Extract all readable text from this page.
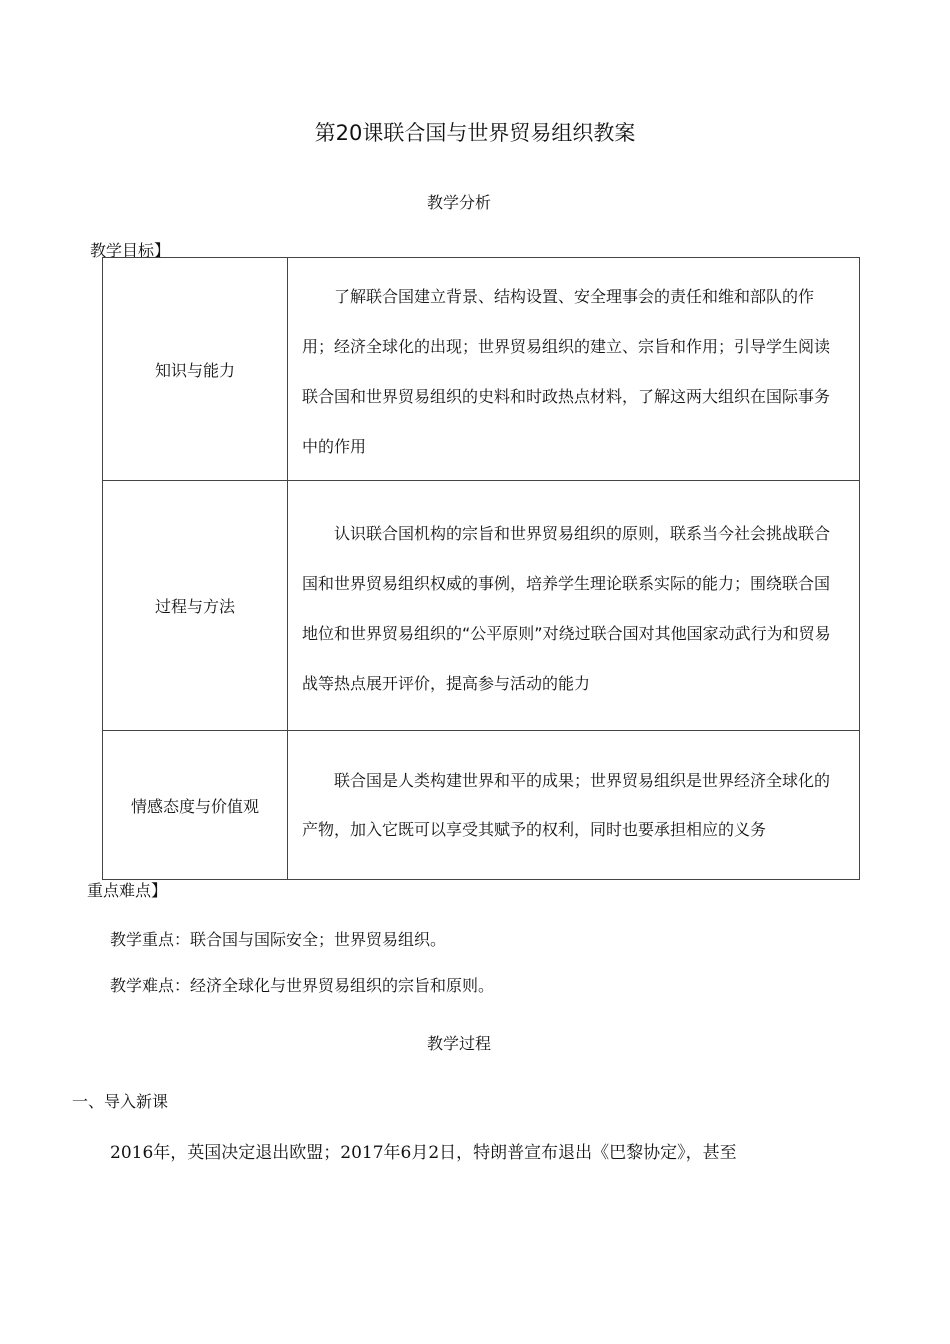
第20课联合国与世界贸易组织教案
教学分析
教学目标】
知识与能力	了解联合国建立背景、结构设置、安全理事会的责任和维和部队的作用；经济全球化的出现；世界贸易组织的建立、宗旨和作用；引导学生阅读联合国和世界贸易组织的史料和时政热点材料，了解这两大组织在国际事务中的作用

过程与方法	认识联合国机构的宗旨和世界贸易组织的原则，联系当今社会挑战联合国和世界贸易组织权威的事例，培养学生理论联系实际的能力；围绕联合国地位和世界贸易组织的“公平原则”对绕过联合国对其他国家动武行为和贸易战等热点展开评价，提高参与活动的能力

情感态度与价值观	联合国是人类构建世界和平的成果；世界贸易组织是世界经济全球化的产物，加入它既可以享受其赋予的权利，同时也要承担相应的义务

重点难点】
教学重点：联合国与国际安全；世界贸易组织。
教学难点：经济全球化与世界贸易组织的宗旨和原则。
教学过程
一、导入新课
2016年，英国决定退出欧盟；2017年6月2日，特朗普宣布退出《巴黎协定》，甚至
